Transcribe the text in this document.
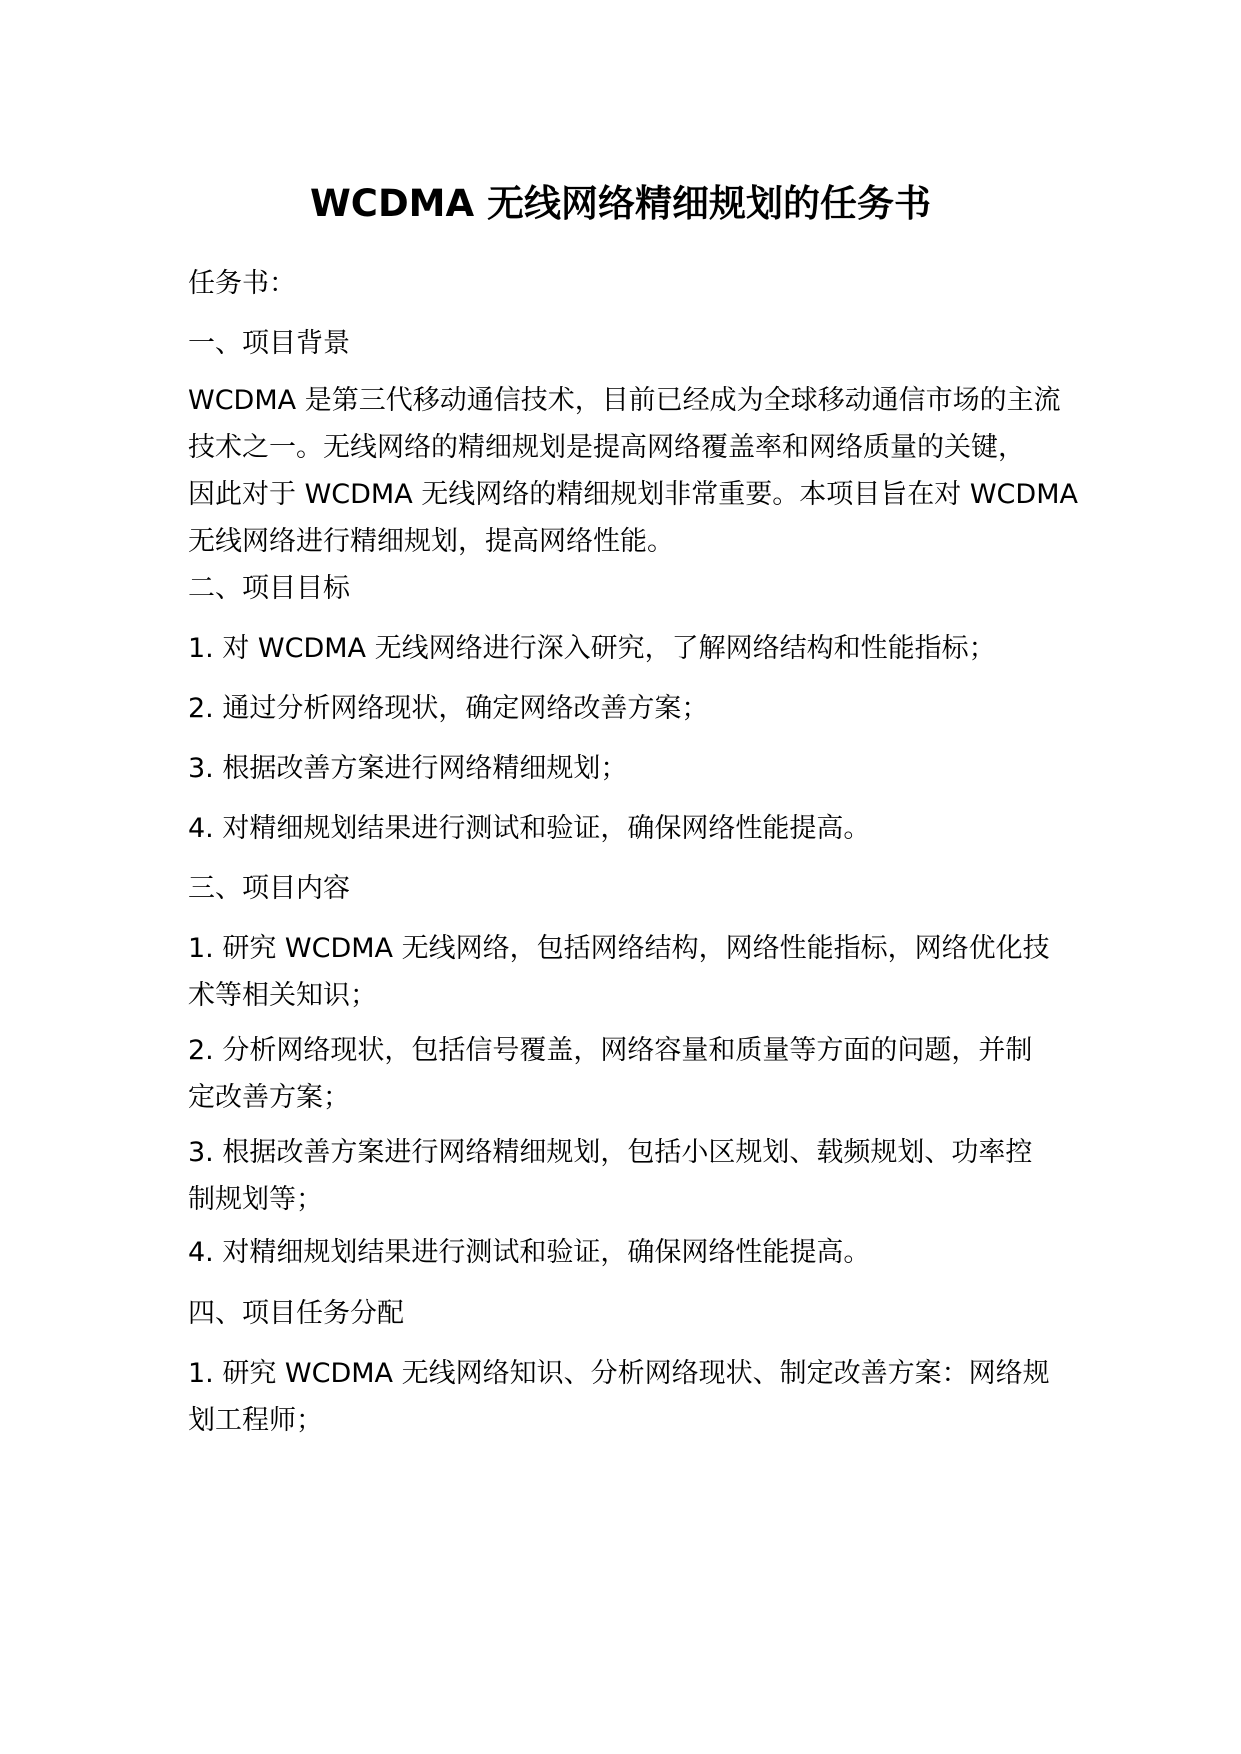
WCDMA 无线网络精细规划的任务书

任务书：

一、项目背景

WCDMA 是第三代移动通信技术，目前已经成为全球移动通信市场的主流
技术之一。无线网络的精细规划是提高网络覆盖率和网络质量的关键，
因此对于 WCDMA 无线网络的精细规划非常重要。本项目旨在对 WCDMA
无线网络进行精细规划，提高网络性能。

二、项目目标

1. 对 WCDMA 无线网络进行深入研究，了解网络结构和性能指标；

2. 通过分析网络现状，确定网络改善方案；

3. 根据改善方案进行网络精细规划；

4. 对精细规划结果进行测试和验证，确保网络性能提高。

三、项目内容

1. 研究 WCDMA 无线网络，包括网络结构，网络性能指标，网络优化技
术等相关知识；

2. 分析网络现状，包括信号覆盖，网络容量和质量等方面的问题，并制
定改善方案；

3. 根据改善方案进行网络精细规划，包括小区规划、载频规划、功率控
制规划等；

4. 对精细规划结果进行测试和验证，确保网络性能提高。

四、项目任务分配

1. 研究 WCDMA 无线网络知识、分析网络现状、制定改善方案：网络规
划工程师；
